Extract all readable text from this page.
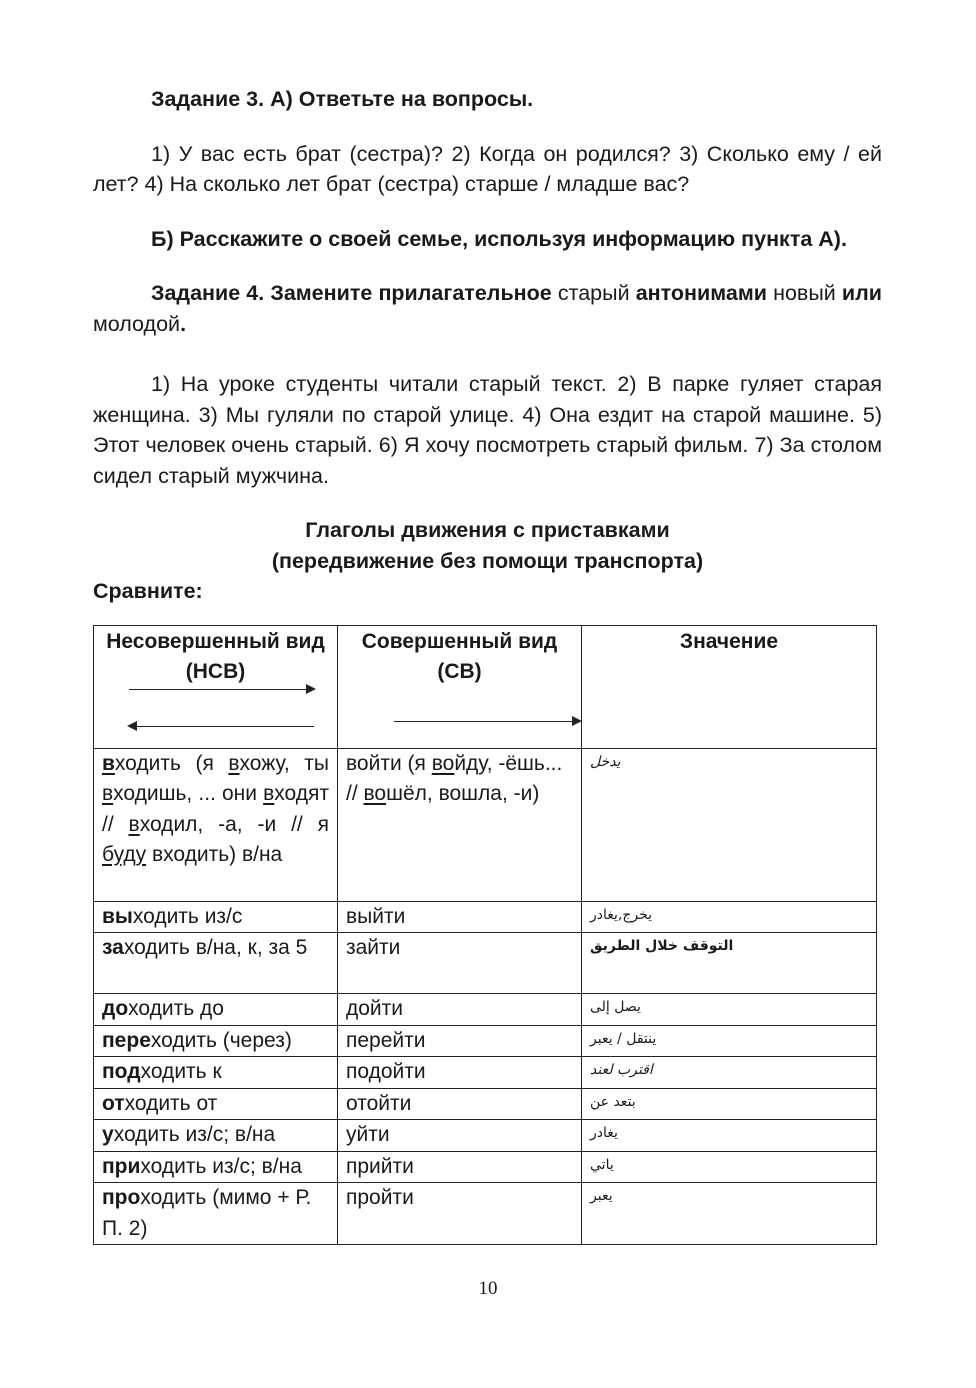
Задание 3. А) Ответьте на вопросы.

1) У вас есть брат (сестра)? 2) Когда он родился? 3) Сколько ему / ей лет? 4) На сколько лет брат (сестра) старше / младше вас?

Б) Расскажите о своей семье, используя информацию пункта А).

Задание 4. Замените прилагательное старый антонимами новый или молодой.

1) На уроке студенты читали старый текст. 2) В парке гуляет старая женщина. 3) Мы гуляли по старой улице. 4) Она ездит на старой машине. 5) Этот человек очень старый. 6) Я хочу посмотреть старый фильм. 7) За столом сидел старый мужчина.

Глаголы движения с приставками

(передвижение без помощи транспорта)

Сравните:

Несовершенный вид (НСВ)	Совершенный вид (СВ)	Значение

входить (я вхожу, ты входишь, ... они входят // входил, -а, -и // я буду входить) в/на	войти (я войду, -ёшь... // вошёл, вошла, -и)	يدخل
выходить из/с	выйти	يخرج,يغادر
заходить в/на, к, за 5	зайти	التوقف خلال الطريق
доходить до	дойти	يصل إلى
переходить (через)	перейти	ينتقل / يعبر
подходить к	подойти	اقترب لعند
отходить от	отойти	بتعد عن
уходить из/с; в/на	уйти	يغادر
приходить из/с; в/на	прийти	ياتي
проходить (мимо + Р. П. 2)	пройти	يعبر
10
